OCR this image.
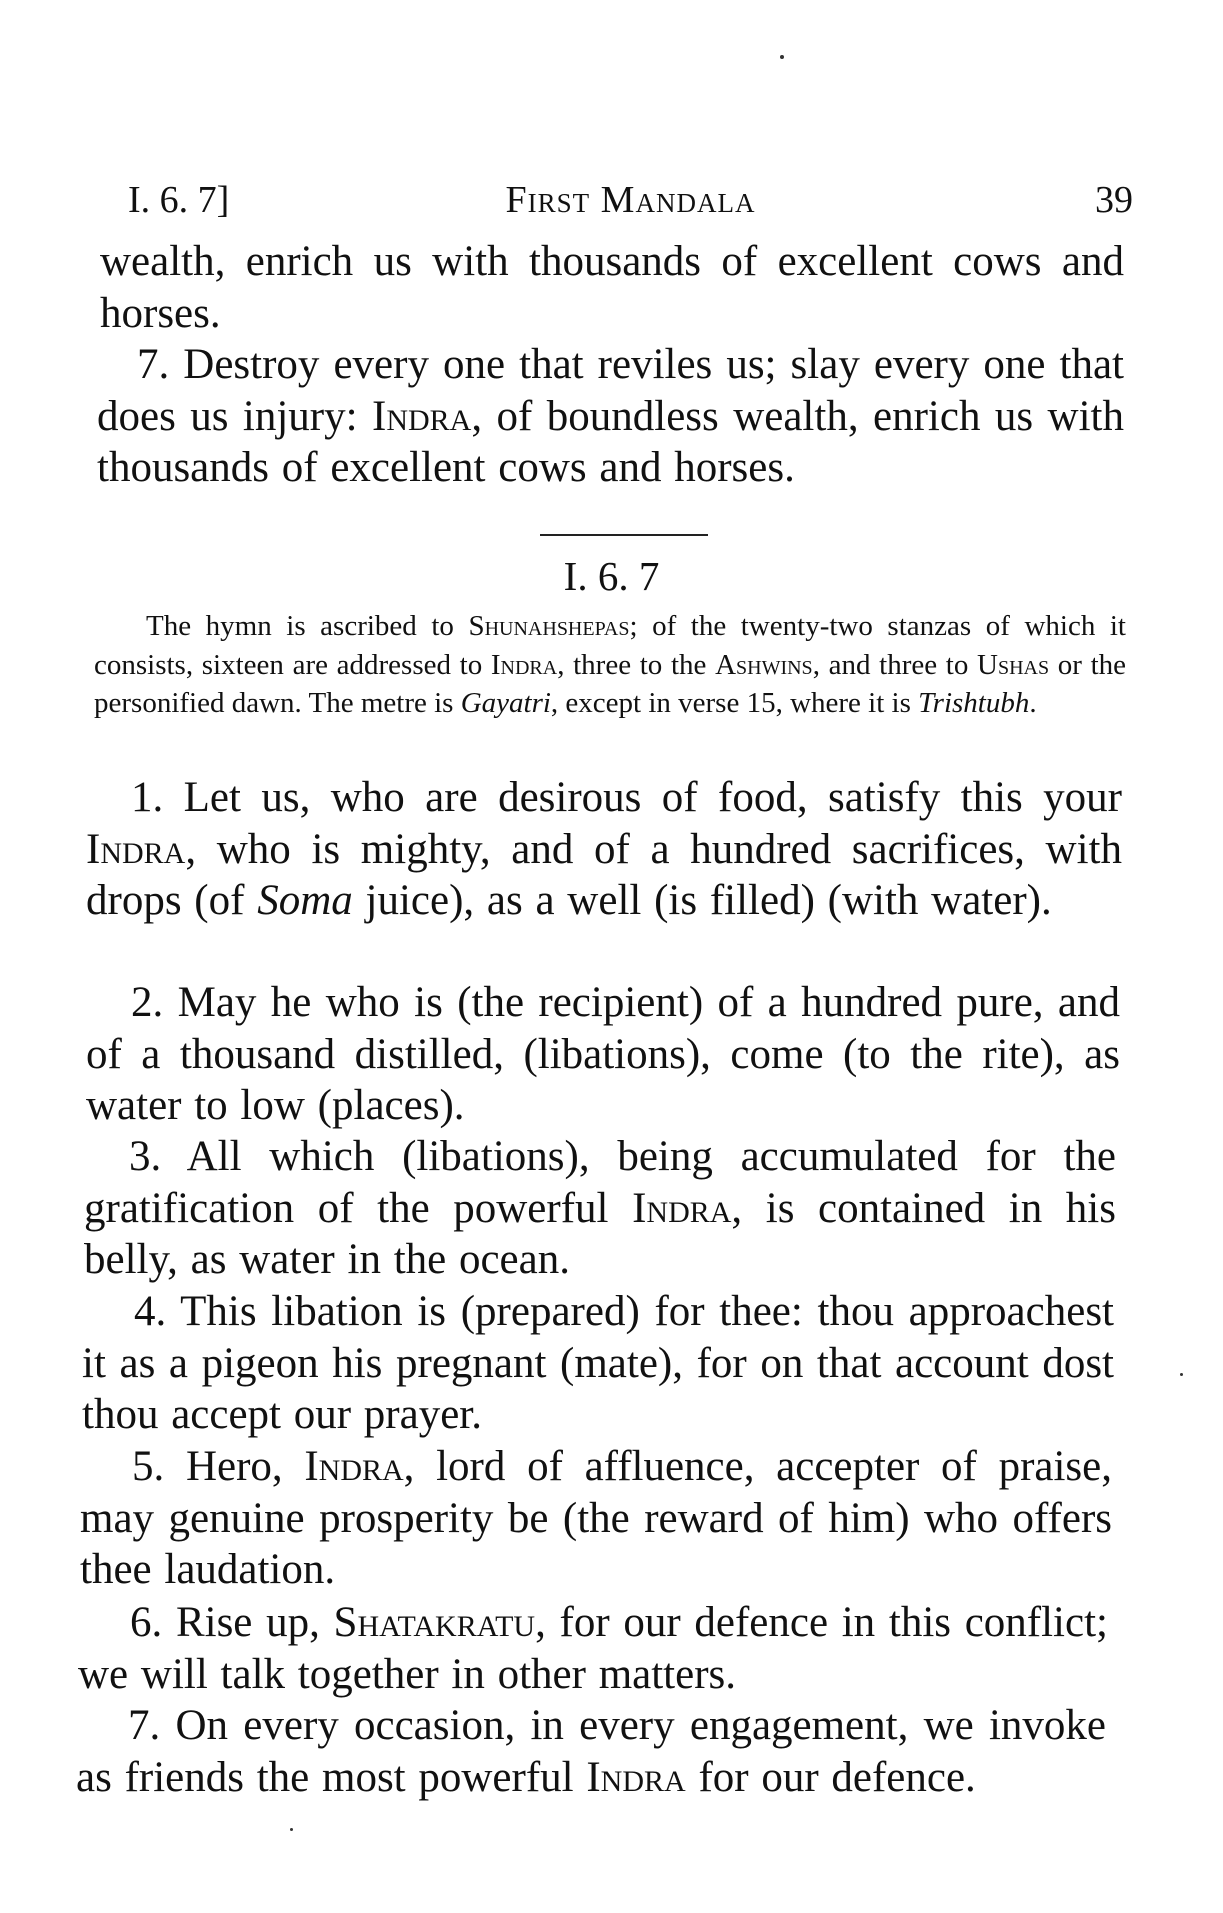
I. 6. 7]	First Mandala	39

wealth, enrich us with thousands of excellent cows and horses.

7. Destroy every one that reviles us; slay every one that does us injury: Indra, of boundless wealth, enrich us with thousands of excellent cows and horses.

I. 6. 7

The hymn is ascribed to Shunahshepas; of the twenty-two stanzas of which it consists, sixteen are addressed to Indra, three to the Ashwins, and three to Ushas or the personified dawn. The metre is Gayatri, except in verse 15, where it is Trishtubh.

1. Let us, who are desirous of food, satisfy this your Indra, who is mighty, and of a hundred sacrifices, with drops (of Soma juice), as a well (is filled) (with water).

2. May he who is (the recipient) of a hundred pure, and of a thousand distilled, (libations), come (to the rite), as water to low (places).

3. All which (libations), being accumulated for the gratification of the powerful Indra, is contained in his belly, as water in the ocean.

4. This libation is (prepared) for thee: thou approachest it as a pigeon his pregnant (mate), for on that account dost thou accept our prayer.

5. Hero, Indra, lord of affluence, accepter of praise, may genuine prosperity be (the reward of him) who offers thee laudation.

6. Rise up, Shatakratu, for our defence in this conflict; we will talk together in other matters.

7. On every occasion, in every engagement, we invoke as friends the most powerful Indra for our defence.
